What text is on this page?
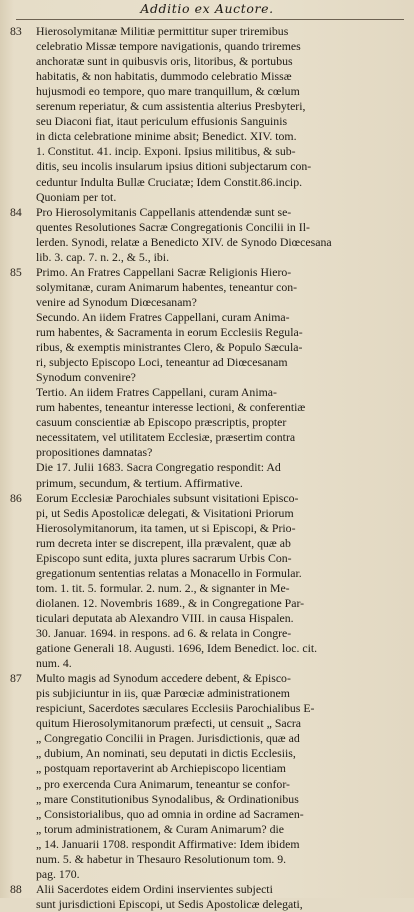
Additio ex Auctore.
83	Hierosolymitanæ Militiæ permittitur super triremibus
celebratio Missæ tempore navigationis, quando triremes
anchoratæ sunt in quibusvis oris, litoribus, & portubus
habitatis, & non habitatis, dummodo celebratio Missæ
hujusmodi eo tempore, quo mare tranquillum, & cœlum
serenum reperiatur, & cum assistentia alterius Presbyteri,
seu Diaconi fiat, itaut periculum effusionis Sanguinis
in dicta celebratione minime absit; Benedict. XIV. tom.
1. Constitut. 41. incip. Exponi. Ipsius militibus, & sub-
ditis, seu incolis insularum ipsius ditioni subjectarum con-
ceduntur Indulta Bullæ Cruciatæ; Idem Constit.86.incip.
Quoniam per tot.
84	Pro Hierosolymitanis Cappellanis attendendæ sunt se-
quentes Resolutiones Sacræ Congregationis Concilii in Il-
lerden. Synodi, relatæ a Benedicto XIV. de Synodo Diœcesana
lib. 3. cap. 7. n. 2., & 5., ibi.
85	Primo. An Fratres Cappellani Sacræ Religionis Hiero-
solymitanæ, curam Animarum habentes, teneantur con-
venire ad Synodum Diœcesanam?
Secundo. An iidem Fratres Cappellani, curam Anima-
rum habentes, & Sacramenta in eorum Ecclesiis Regula-
ribus, & exemptis ministrantes Clero, & Populo Sæcula-
ri, subjecto Episcopo Loci, teneantur ad Diœcesanam
Synodum convenire?
Tertio. An iidem Fratres Cappellani, curam Anima-
rum habentes, teneantur interesse lectioni, & conferentiæ
casuum conscientiæ ab Episcopo præscriptis, propter
necessitatem, vel utilitatem Ecclesiæ, præsertim contra
propositiones damnatas?
Die 17. Julii 1683. Sacra Congregatio respondit: Ad
primum, secundum, & tertium. Affirmative.
86	Eorum Ecclesiæ Parochiales subsunt visitationi Episco-
pi, ut Sedis Apostolicæ delegati, & Visitationi Priorum
Hierosolymitanorum, ita tamen, ut si Episcopi, & Prio-
rum decreta inter se discrepent, illa prævalent, quæ ab
Episcopo sunt edita, juxta plures sacrarum Urbis Con-
gregationum sententias relatas a Monacello in Formular.
tom. 1. tit. 5. formular. 2. num. 2., & signanter in Me-
diolanen. 12. Novembris 1689., & in Congregatione Par-
ticulari deputata ab Alexandro VIII. in causa Hispalen.
30. Januar. 1694. in respons. ad 6. & relata in Congre-
gatione Generali 18. Augusti. 1696, Idem Benedict. loc. cit.
num. 4.
87	Multo magis ad Synodum accedere debent, & Episco-
pis subjiciuntur in iis, quæ Parœciæ administrationem
respiciunt, Sacerdotes sæculares Ecclesiis Parochialibus E-
quitum Hierosolymitanorum præfecti, ut censuit „ Sacra
„ Congregatio Concilii in Pragen. Jurisdictionis, quæ ad
„ dubium, An nominati, seu deputati in dictis Ecclesiis,
„ postquam reportaverint ab Archiepiscopo licentiam
„ pro exercenda Cura Animarum, teneantur se confor-
„ mare Constitutionibus Synodalibus, & Ordinationibus
„ Consistorialibus, quo ad omnia in ordine ad Sacramen-
„ torum administrationem, & Curam Animarum? die
„ 14. Januarii 1708. respondit Affirmative: Idem ibidem
num. 5. & habetur in Thesauro Resolutionum tom. 9.
pag. 170.
88	Alii Sacerdotes eidem Ordini inservientes subjecti
sunt jurisdictioni Episcopi, ut Sedis Apostolicæ delegati,
